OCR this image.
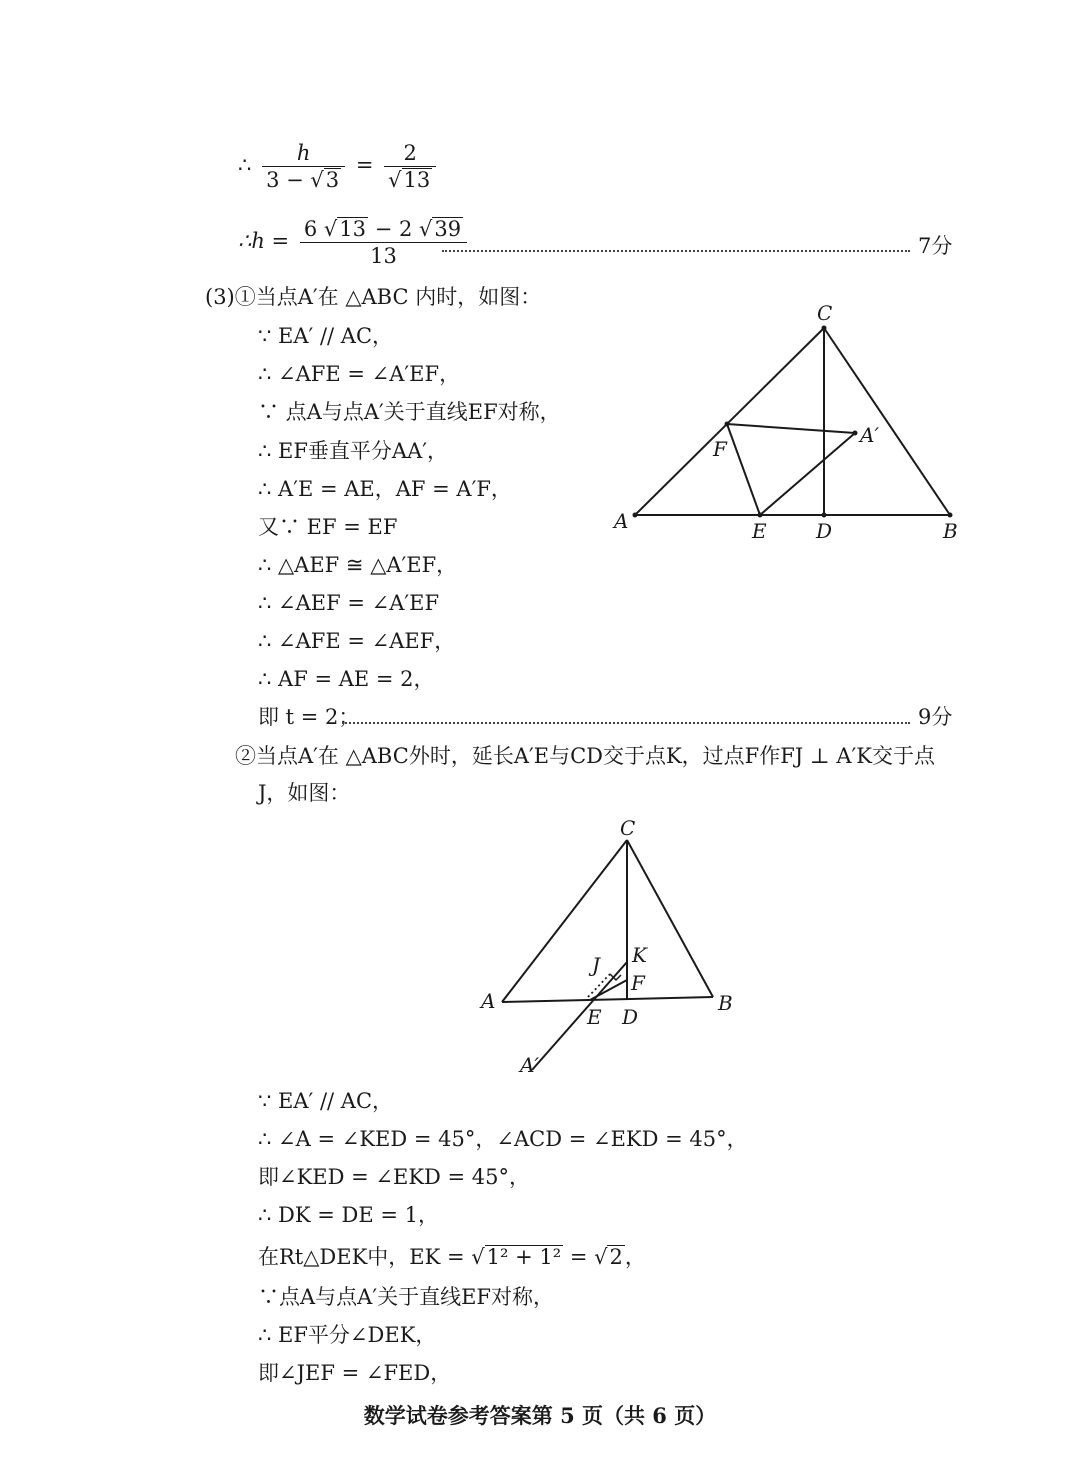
∴ $\frac{h}{3 - √3} = \frac{2}{√13}$
∴h = $\frac{6 √13 - 2 √39}{13}$	7分
(3)①当点A′在 △ABC 内时，如图：
∵ EA′ // AC，
∴ ∠AFE = ∠A′EF，
∵ 点A与点A′关于直线EF对称，
∴ EF垂直平分AA′，
∴ A′E = AE，AF = A′F，
又∵ EF = EF
∴ △AEF ≅ △A′EF，
∴ ∠AEF = ∠A′EF
∴ ∠AFE = ∠AEF，
∴ AF = AE = 2，
即 t = 2；	9分
C
F
A′
A	E D	B
②当点A′在 △ABC外时，延长A′E与CD交于点K，过点F作FJ ⊥ A′K交于点
J，如图：
C
K
J
F
A
E D
B
A′
∵ EA′ // AC，
∴ ∠A = ∠KED = 45°，∠ACD = ∠EKD = 45°，
即∠KED = ∠EKD = 45°，
∴ DK = DE = 1，
在Rt△DEK中，EK = √1² + 1² = √2，
∵点A与点A′关于直线EF对称，
∴ EF平分∠DEK，
即∠JEF = ∠FED，
数学试卷参考答案第 5 页（共 6 页）
